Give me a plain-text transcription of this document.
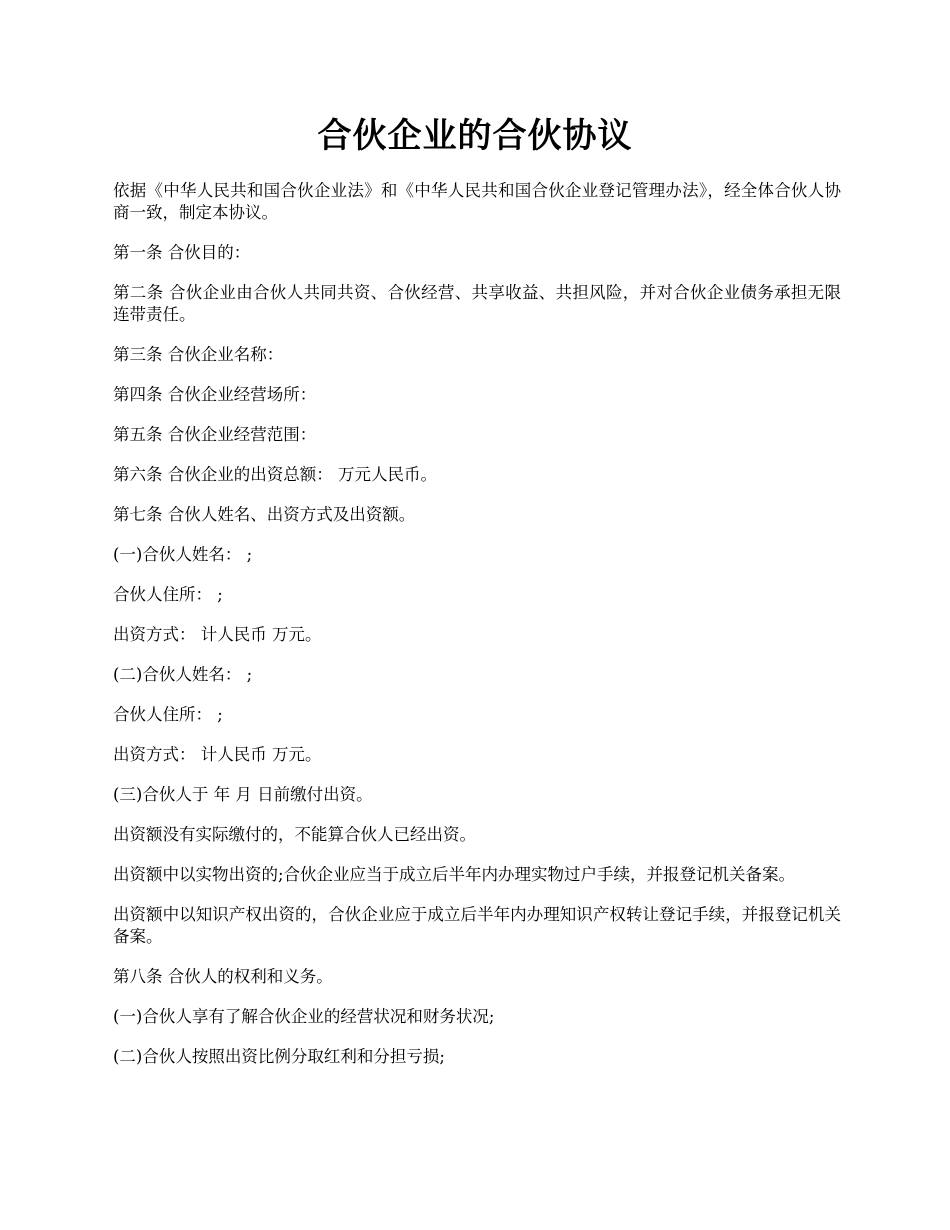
合伙企业的合伙协议

依据《中华人民共和国合伙企业法》和《中华人民共和国合伙企业登记管理办法》，经全体合伙人协商一致，制定本协议。

第一条 合伙目的：

第二条 合伙企业由合伙人共同共资、合伙经营、共享收益、共担风险，并对合伙企业债务承担无限连带责任。

第三条 合伙企业名称：

第四条 合伙企业经营场所：

第五条 合伙企业经营范围：

第六条 合伙企业的出资总额： 万元人民币。

第七条 合伙人姓名、出资方式及出资额。

(一)合伙人姓名： ;

合伙人住所： ;

出资方式： 计人民币 万元。

(二)合伙人姓名： ;

合伙人住所： ;

出资方式： 计人民币 万元。

(三)合伙人于 年 月 日前缴付出资。

出资额没有实际缴付的，不能算合伙人已经出资。

出资额中以实物出资的;合伙企业应当于成立后半年内办理实物过户手续，并报登记机关备案。

出资额中以知识产权出资的，合伙企业应于成立后半年内办理知识产权转让登记手续，并报登记机关备案。

第八条 合伙人的权利和义务。

(一)合伙人享有了解合伙企业的经营状况和财务状况;

(二)合伙人按照出资比例分取红利和分担亏损;
